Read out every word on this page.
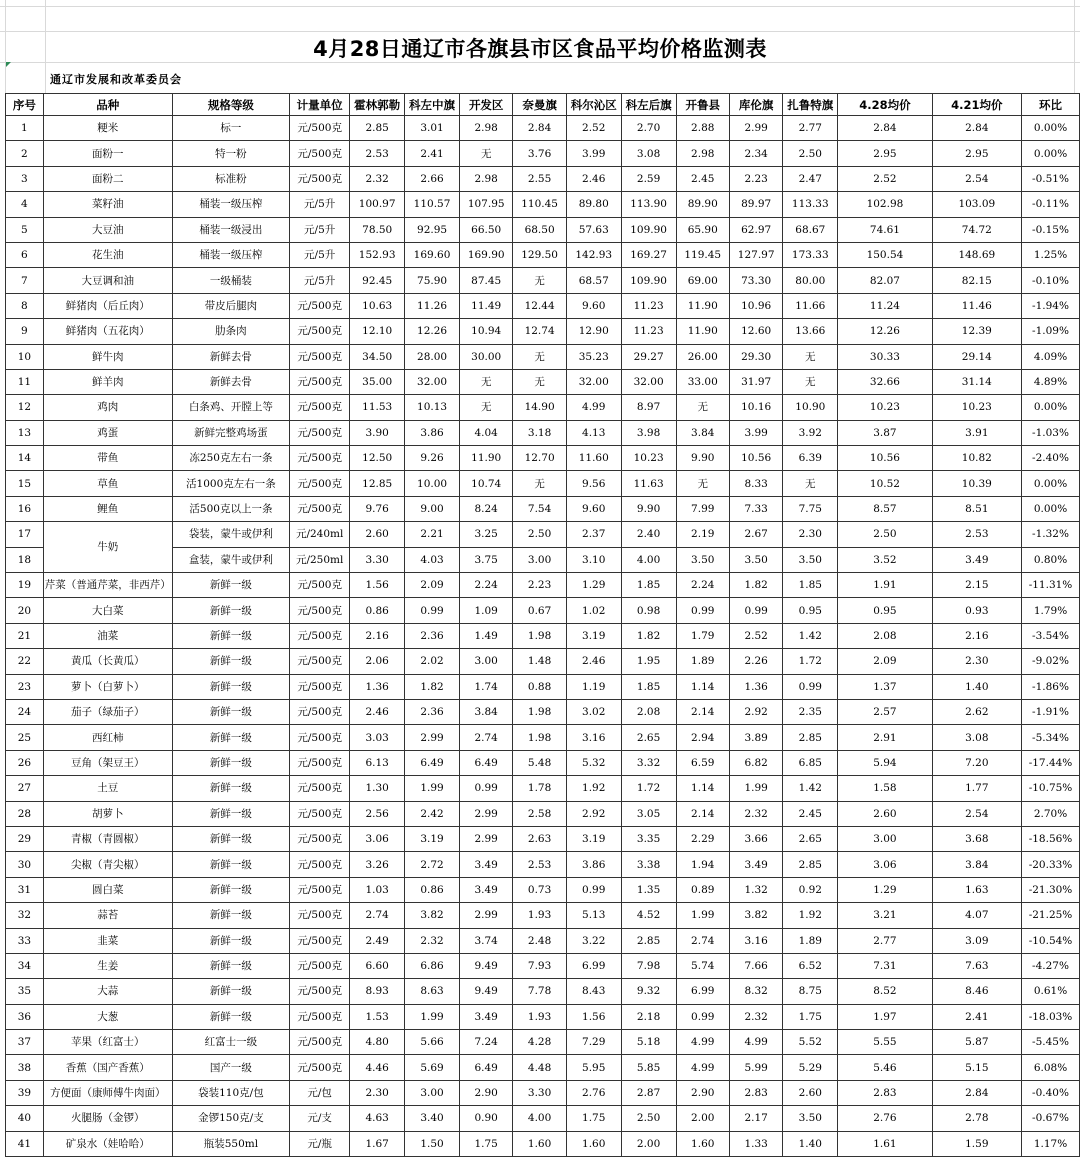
4月28日通辽市各旗县市区食品平均价格监测表
通辽市发展和改革委员会
序号	品种	规格等级	计量单位	霍林郭勒	科左中旗	开发区	奈曼旗	科尔沁区	科左后旗	开鲁县	库伦旗	扎鲁特旗	4.28均价	4.21均价	环比
1	粳米	标一	元/500克	2.85	3.01	2.98	2.84	2.52	2.70	2.88	2.99	2.77	2.84	2.84	0.00%
2	面粉一	特一粉	元/500克	2.53	2.41	无	3.76	3.99	3.08	2.98	2.34	2.50	2.95	2.95	0.00%
3	面粉二	标准粉	元/500克	2.32	2.66	2.98	2.55	2.46	2.59	2.45	2.23	2.47	2.52	2.54	-0.51%
4	菜籽油	桶装一级压榨	元/5升	100.97	110.57	107.95	110.45	89.80	113.90	89.90	89.97	113.33	102.98	103.09	-0.11%
5	大豆油	桶装一级浸出	元/5升	78.50	92.95	66.50	68.50	57.63	109.90	65.90	62.97	68.67	74.61	74.72	-0.15%
6	花生油	桶装一级压榨	元/5升	152.93	169.60	169.90	129.50	142.93	169.27	119.45	127.97	173.33	150.54	148.69	1.25%
7	大豆调和油	一级桶装	元/5升	92.45	75.90	87.45	无	68.57	109.90	69.00	73.30	80.00	82.07	82.15	-0.10%
8	鲜猪肉（后丘肉）	带皮后腿肉	元/500克	10.63	11.26	11.49	12.44	9.60	11.23	11.90	10.96	11.66	11.24	11.46	-1.94%
9	鲜猪肉（五花肉）	肋条肉	元/500克	12.10	12.26	10.94	12.74	12.90	11.23	11.90	12.60	13.66	12.26	12.39	-1.09%
10	鲜牛肉	新鲜去骨	元/500克	34.50	28.00	30.00	无	35.23	29.27	26.00	29.30	无	30.33	29.14	4.09%
11	鲜羊肉	新鲜去骨	元/500克	35.00	32.00	无	无	32.00	32.00	33.00	31.97	无	32.66	31.14	4.89%
12	鸡肉	白条鸡、开膛上等	元/500克	11.53	10.13	无	14.90	4.99	8.97	无	10.16	10.90	10.23	10.23	0.00%
13	鸡蛋	新鲜完整鸡场蛋	元/500克	3.90	3.86	4.04	3.18	4.13	3.98	3.84	3.99	3.92	3.87	3.91	-1.03%
14	带鱼	冻250克左右一条	元/500克	12.50	9.26	11.90	12.70	11.60	10.23	9.90	10.56	6.39	10.56	10.82	-2.40%
15	草鱼	活1000克左右一条	元/500克	12.85	10.00	10.74	无	9.56	11.63	无	8.33	无	10.52	10.39	0.00%
16	鲤鱼	活500克以上一条	元/500克	9.76	9.00	8.24	7.54	9.60	9.90	7.99	7.33	7.75	8.57	8.51	0.00%
17	牛奶	袋装，蒙牛或伊利	元/240ml	2.60	2.21	3.25	2.50	2.37	2.40	2.19	2.67	2.30	2.50	2.53	-1.32%
18		盒装，蒙牛或伊利	元/250ml	3.30	4.03	3.75	3.00	3.10	4.00	3.50	3.50	3.50	3.52	3.49	0.80%
19	芹菜（普通芹菜，非西芹）	新鲜一级	元/500克	1.56	2.09	2.24	2.23	1.29	1.85	2.24	1.82	1.85	1.91	2.15	-11.31%
20	大白菜	新鲜一级	元/500克	0.86	0.99	1.09	0.67	1.02	0.98	0.99	0.99	0.95	0.95	0.93	1.79%
21	油菜	新鲜一级	元/500克	2.16	2.36	1.49	1.98	3.19	1.82	1.79	2.52	1.42	2.08	2.16	-3.54%
22	黄瓜（长黄瓜）	新鲜一级	元/500克	2.06	2.02	3.00	1.48	2.46	1.95	1.89	2.26	1.72	2.09	2.30	-9.02%
23	萝卜（白萝卜）	新鲜一级	元/500克	1.36	1.82	1.74	0.88	1.19	1.85	1.14	1.36	0.99	1.37	1.40	-1.86%
24	茄子（绿茄子）	新鲜一级	元/500克	2.46	2.36	3.84	1.98	3.02	2.08	2.14	2.92	2.35	2.57	2.62	-1.91%
25	西红柿	新鲜一级	元/500克	3.03	2.99	2.74	1.98	3.16	2.65	2.94	3.89	2.85	2.91	3.08	-5.34%
26	豆角（架豆王）	新鲜一级	元/500克	6.13	6.49	6.49	5.48	5.32	3.32	6.59	6.82	6.85	5.94	7.20	-17.44%
27	土豆	新鲜一级	元/500克	1.30	1.99	0.99	1.78	1.92	1.72	1.14	1.99	1.42	1.58	1.77	-10.75%
28	胡萝卜	新鲜一级	元/500克	2.56	2.42	2.99	2.58	2.92	3.05	2.14	2.32	2.45	2.60	2.54	2.70%
29	青椒（青圆椒）	新鲜一级	元/500克	3.06	3.19	2.99	2.63	3.19	3.35	2.29	3.66	2.65	3.00	3.68	-18.56%
30	尖椒（青尖椒）	新鲜一级	元/500克	3.26	2.72	3.49	2.53	3.86	3.38	1.94	3.49	2.85	3.06	3.84	-20.33%
31	圆白菜	新鲜一级	元/500克	1.03	0.86	3.49	0.73	0.99	1.35	0.89	1.32	0.92	1.29	1.63	-21.30%
32	蒜苔	新鲜一级	元/500克	2.74	3.82	2.99	1.93	5.13	4.52	1.99	3.82	1.92	3.21	4.07	-21.25%
33	韭菜	新鲜一级	元/500克	2.49	2.32	3.74	2.48	3.22	2.85	2.74	3.16	1.89	2.77	3.09	-10.54%
34	生姜	新鲜一级	元/500克	6.60	6.86	9.49	7.93	6.99	7.98	5.74	7.66	6.52	7.31	7.63	-4.27%
35	大蒜	新鲜一级	元/500克	8.93	8.63	9.49	7.78	8.43	9.32	6.99	8.32	8.75	8.52	8.46	0.61%
36	大葱	新鲜一级	元/500克	1.53	1.99	3.49	1.93	1.56	2.18	0.99	2.32	1.75	1.97	2.41	-18.03%
37	苹果（红富士）	红富士一级	元/500克	4.80	5.66	7.24	4.28	7.29	5.18	4.99	4.99	5.52	5.55	5.87	-5.45%
38	香蕉（国产香蕉）	国产一级	元/500克	4.46	5.69	6.49	4.48	5.95	5.85	4.99	5.99	5.29	5.46	5.15	6.08%
39	方便面（康师傅牛肉面）	袋装110克/包	元/包	2.30	3.00	2.90	3.30	2.76	2.87	2.90	2.83	2.60	2.83	2.84	-0.40%
40	火腿肠（金锣）	金锣150克/支	元/支	4.63	3.40	0.90	4.00	1.75	2.50	2.00	2.17	3.50	2.76	2.78	-0.67%
41	矿泉水（娃哈哈）	瓶装550ml	元/瓶	1.67	1.50	1.75	1.60	1.60	2.00	1.60	1.33	1.40	1.61	1.59	1.17%
